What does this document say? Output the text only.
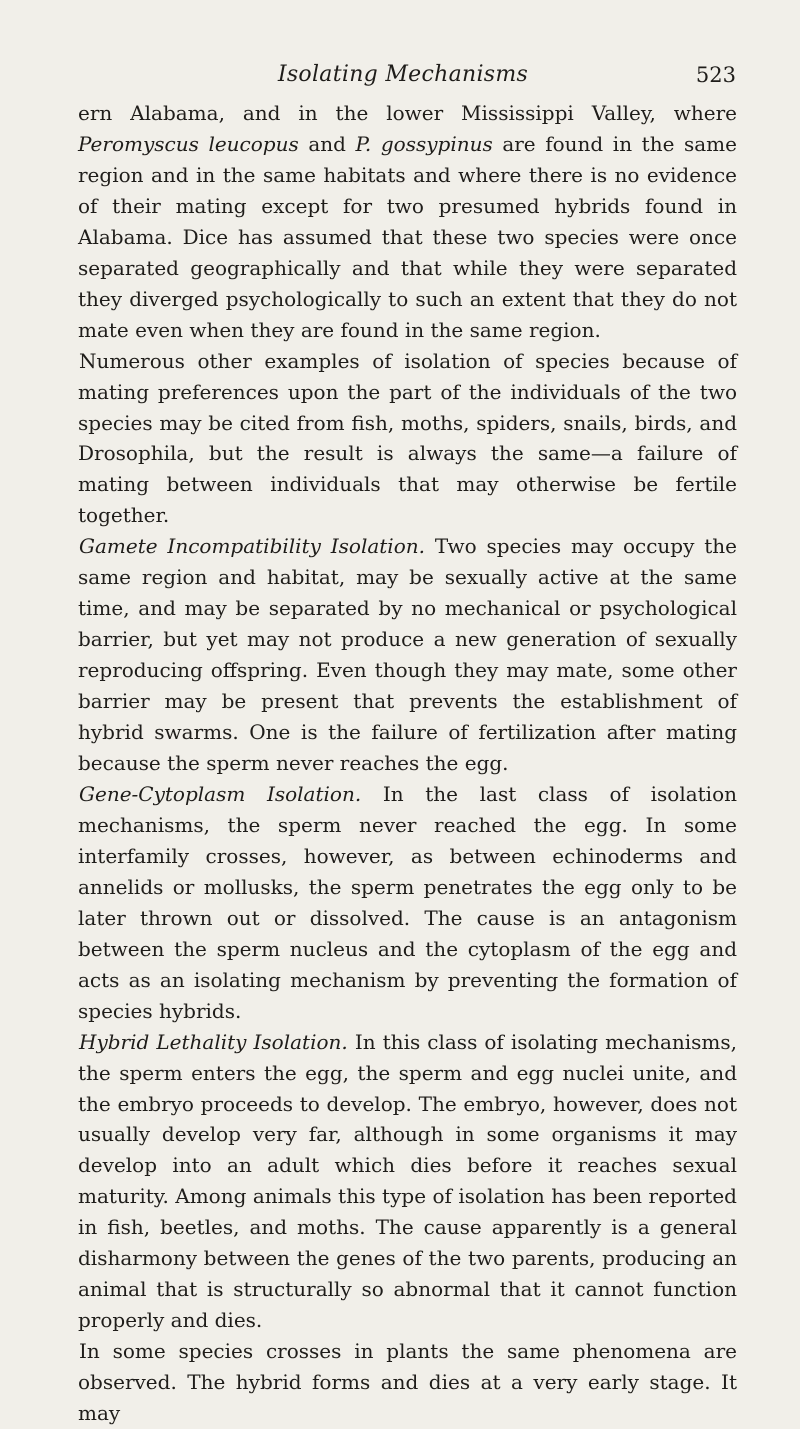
Isolating Mechanisms	523

ern Alabama, and in the lower Mississippi Valley, where Peromyscus leucopus and P. gossypinus are found in the same region and in the same habitats and where there is no evidence of their mating except for two presumed hybrids found in Alabama. Dice has assumed that these two species were once separated geographically and that while they were separated they diverged psychologically to such an extent that they do not mate even when they are found in the same region.

Numerous other examples of isolation of species because of mating preferences upon the part of the individuals of the two species may be cited from fish, moths, spiders, snails, birds, and Drosophila, but the result is always the same—a failure of mating between individuals that may otherwise be fertile together.

Gamete Incompatibility Isolation. Two species may occupy the same region and habitat, may be sexually active at the same time, and may be separated by no mechanical or psychological barrier, but yet may not produce a new generation of sexually reproducing offspring. Even though they may mate, some other barrier may be present that prevents the establishment of hybrid swarms. One is the failure of fertilization after mating because the sperm never reaches the egg.

Gene-Cytoplasm Isolation. In the last class of isolation mechanisms, the sperm never reached the egg. In some interfamily crosses, however, as between echinoderms and annelids or mollusks, the sperm penetrates the egg only to be later thrown out or dissolved. The cause is an antagonism between the sperm nucleus and the cytoplasm of the egg and acts as an isolating mechanism by preventing the formation of species hybrids.

Hybrid Lethality Isolation. In this class of isolating mechanisms, the sperm enters the egg, the sperm and egg nuclei unite, and the embryo proceeds to develop. The embryo, however, does not usually develop very far, although in some organisms it may develop into an adult which dies before it reaches sexual maturity. Among animals this type of isolation has been reported in fish, beetles, and moths. The cause apparently is a general disharmony between the genes of the two parents, producing an animal that is structurally so abnormal that it cannot function properly and dies.

In some species crosses in plants the same phenomena are observed. The hybrid forms and dies at a very early stage. It may
